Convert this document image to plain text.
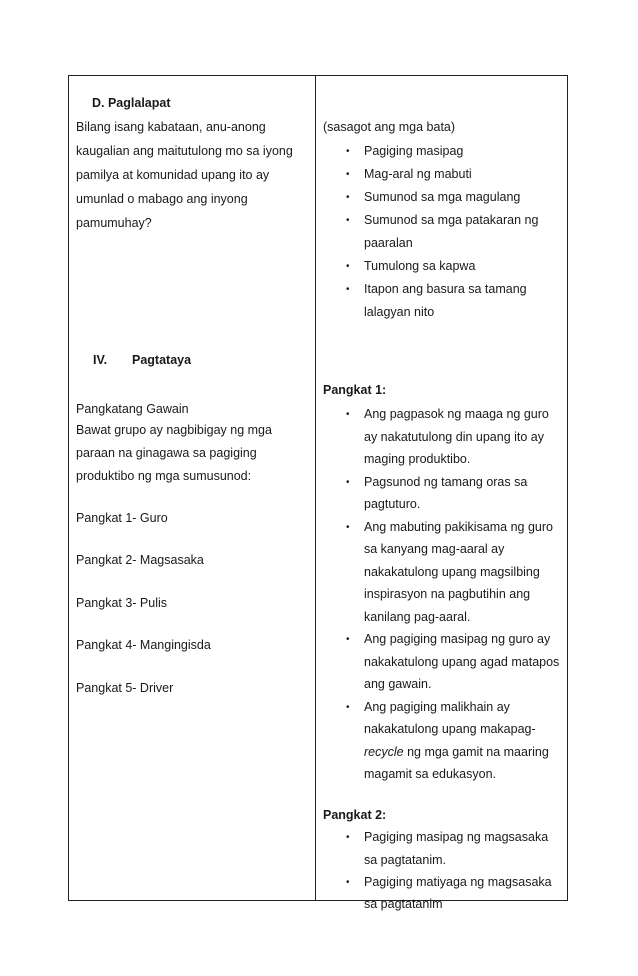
D. Paglalapat
Bilang isang kabataan, anu-anong
kaugalian ang maitutulong mo sa iyong
pamilya at komunidad upang ito ay
umunlad o mabago ang inyong
pamumuhay?
IV. Pagtataya
Pangkatang Gawain
Bawat grupo ay nagbibigay ng mga
paraan na ginagawa sa pagiging
produktibo ng mga sumusunod:
Pangkat 1- Guro
Pangkat 2- Magsasaka
Pangkat 3- Pulis
Pangkat 4- Mangingisda
Pangkat 5- Driver
(sasagot ang mga bata)
• Pagiging masipag
• Mag-aral ng mabuti
• Sumunod sa mga magulang
• Sumunod sa mga patakaran ng
paaralan
• Tumulong sa kapwa
• Itapon ang basura sa tamang
lalagyan nito
Pangkat 1:
• Ang pagpasok ng maaga ng guro
ay nakatutulong din upang ito ay
maging produktibo.
• Pagsunod ng tamang oras sa
pagtuturo.
• Ang mabuting pakikisama ng guro
sa kanyang mag-aaral ay
nakakatulong upang magsilbing
inspirasyon na pagbutihin ang
kanilang pag-aaral.
• Ang pagiging masipag ng guro ay
nakakatulong upang agad matapos
ang gawain.
• Ang pagiging malikhain ay
nakakatulong upang makapag-
recycle ng mga gamit na maaring
magamit sa edukasyon.
Pangkat 2:
• Pagiging masipag ng magsasaka
sa pagtatanim.
• Pagiging matiyaga ng magsasaka
sa pagtatanim
